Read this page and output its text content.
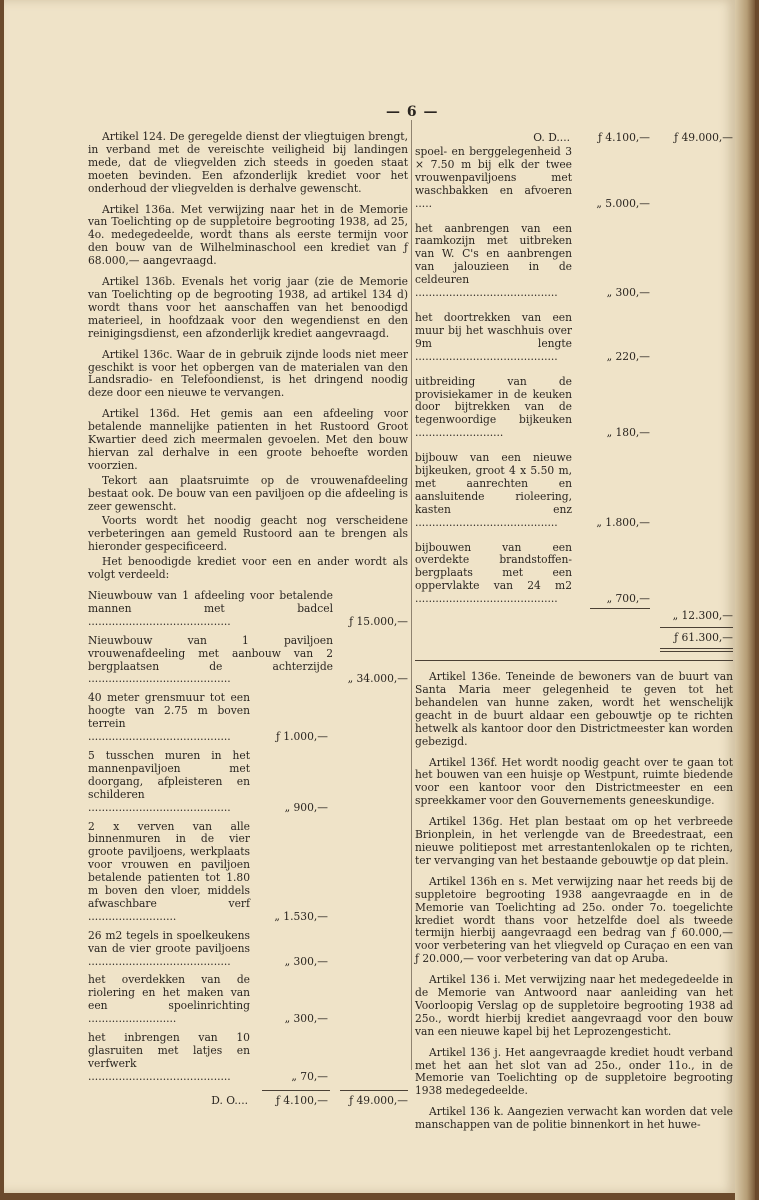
— 6 —

Artikel 124. De geregelde dienst der vliegtuigen brengt, in verband met de vereischte veiligheid bij landingen mede, dat de vliegvelden zich steeds in goeden staat moeten bevinden. Een afzonderlijk krediet voor het onderhoud der vliegvelden is derhalve gewenscht.

Artikel 136a. Met verwijzing naar het in de Memorie van Toelichting op de suppletoire begrooting 1938, ad 25, 4o. medegedeelde, wordt thans als eerste termijn voor den bouw van de Wilhelminaschool een krediet van ƒ 68.000,— aangevraagd.

Artikel 136b. Evenals het vorig jaar (zie de Memorie van Toelichting op de begrooting 1938, ad artikel 134 d) wordt thans voor het aanschaffen van het benoodigd materieel, in hoofdzaak voor den wegendienst en den reinigingsdienst, een afzonderlijk krediet aangevraagd.

Artikel 136c. Waar de in gebruik zijnde loods niet meer geschikt is voor het opbergen van de materialen van den Landsradio- en Telefoondienst, is het dringend noodig deze door een nieuwe te vervangen.

Artikel 136d. Het gemis aan een afdeeling voor betalende mannelijke patienten in het Rustoord Groot Kwartier deed zich meermalen gevoelen. Met den bouw hiervan zal derhalve in een groote behoefte worden voorzien.

Tekort aan plaatsruimte op de vrouwenafdeeling bestaat ook. De bouw van een paviljoen op die afdeeling is zeer gewenscht.

Voorts wordt het noodig geacht nog verscheidene verbeteringen aan gemeld Rustoord aan te brengen als hieronder gespecificeerd.

Het benoodigde krediet voor een en ander wordt als volgt verdeeld:

Nieuwbouw van 1 afdeeling voor betalende mannen met badcel ..........................................	ƒ 15.000,—
Nieuwbouw van 1 paviljoen vrouwenafdeeling met aanbouw van 2 bergplaatsen de achterzijde ..........................................	„ 34.000,—
40 meter grensmuur tot een hoogte van 2.75 m boven terrein ..........................................	ƒ 1.000,—
5 tusschen muren in het mannenpaviljoen met doorgang, afpleisteren en schilderen ..........................................	„ 900,—
2 x verven van alle binnenmuren in de vier groote paviljoens, werkplaats voor vrouwen en paviljoen betalende patienten tot 1.80 m boven den vloer, middels afwaschbare verf ..........................	„ 1.530,—
26 m2 tegels in spoelkeukens van de vier groote paviljoens ..........................................	„ 300,—
het overdekken van de riolering en het maken van een spoelinrichting ..........................	„ 300,—
het inbrengen van 10 glasruiten met latjes en verfwerk ..........................................	„ 70,—
D. O....	ƒ 4.100,—	ƒ 49.000,—
O. D....	ƒ 4.100,—	ƒ 49.000,—
spoel- en berggelegenheid 3 × 7.50 m bij elk der twee vrouwenpaviljoens met waschbakken en afvoeren .....	„ 5.000,—
het aanbrengen van een raamkozijn met uitbreken van W. C's en aanbrengen van jalouzieen in de celdeuren ..........................................	„ 300,—
het doortrekken van een muur bij het waschhuis over 9m lengte ..........................................	„ 220,—
uitbreiding van de provisiekamer in de keuken door bijtrekken van de tegenwoordige bijkeuken ..........................	„ 180,—
bijbouw van een nieuwe bijkeuken, groot 4 x 5.50 m, met aanrechten en aansluitende rioleering, kasten enz ..........................................	„ 1.800,—
bijbouwen van een overdekte brandstoffen-bergplaats met een oppervlakte van 24 m2 ..........................................	„ 700,—
„ 12.300,—
ƒ 61.300,—

Artikel 136e. Teneinde de bewoners van de buurt van Santa Maria meer gelegenheid te geven tot het behandelen van hunne zaken, wordt het wenschelijk geacht in de buurt aldaar een gebouwtje op te richten hetwelk als kantoor door den Districtmeester kan worden gebezigd.

Artikel 136f. Het wordt noodig geacht over te gaan tot het bouwen van een huisje op Westpunt, ruimte biedende voor een kantoor voor den Districtmeester en een spreekkamer voor den Gouvernements geneeskundige.

Artikel 136g. Het plan bestaat om op het verbreede Brionplein, in het verlengde van de Breedestraat, een nieuwe politiepost met arrestantenlokalen op te richten, ter vervanging van het bestaande gebouwtje op dat plein.

Artikel 136h en s. Met verwijzing naar het reeds bij de suppletoire begrooting 1938 aangevraagde en in de Memorie van Toelichting ad 25o. onder 7o. toegelichte krediet wordt thans voor hetzelfde doel als tweede termijn hierbij aangevraagd een bedrag van ƒ 60.000,— voor verbetering van het vliegveld op Curaçao en een van ƒ 20.000,— voor verbetering van dat op Aruba.

Artikel 136 i. Met verwijzing naar het medegedeelde in de Memorie van Antwoord naar aanleiding van het Voorloopig Verslag op de suppletoire begrooting 1938 ad 25o., wordt hierbij krediet aangevraagd voor den bouw van een nieuwe kapel bij het Leprozengesticht.

Artikel 136 j. Het aangevraagde krediet houdt verband met het aan het slot van ad 25o., onder 11o., in de Memorie van Toelichting op de suppletoire begrooting 1938 medegedeelde.

Artikel 136 k. Aangezien verwacht kan worden dat vele manschappen van de politie binnenkort in het huwe-
